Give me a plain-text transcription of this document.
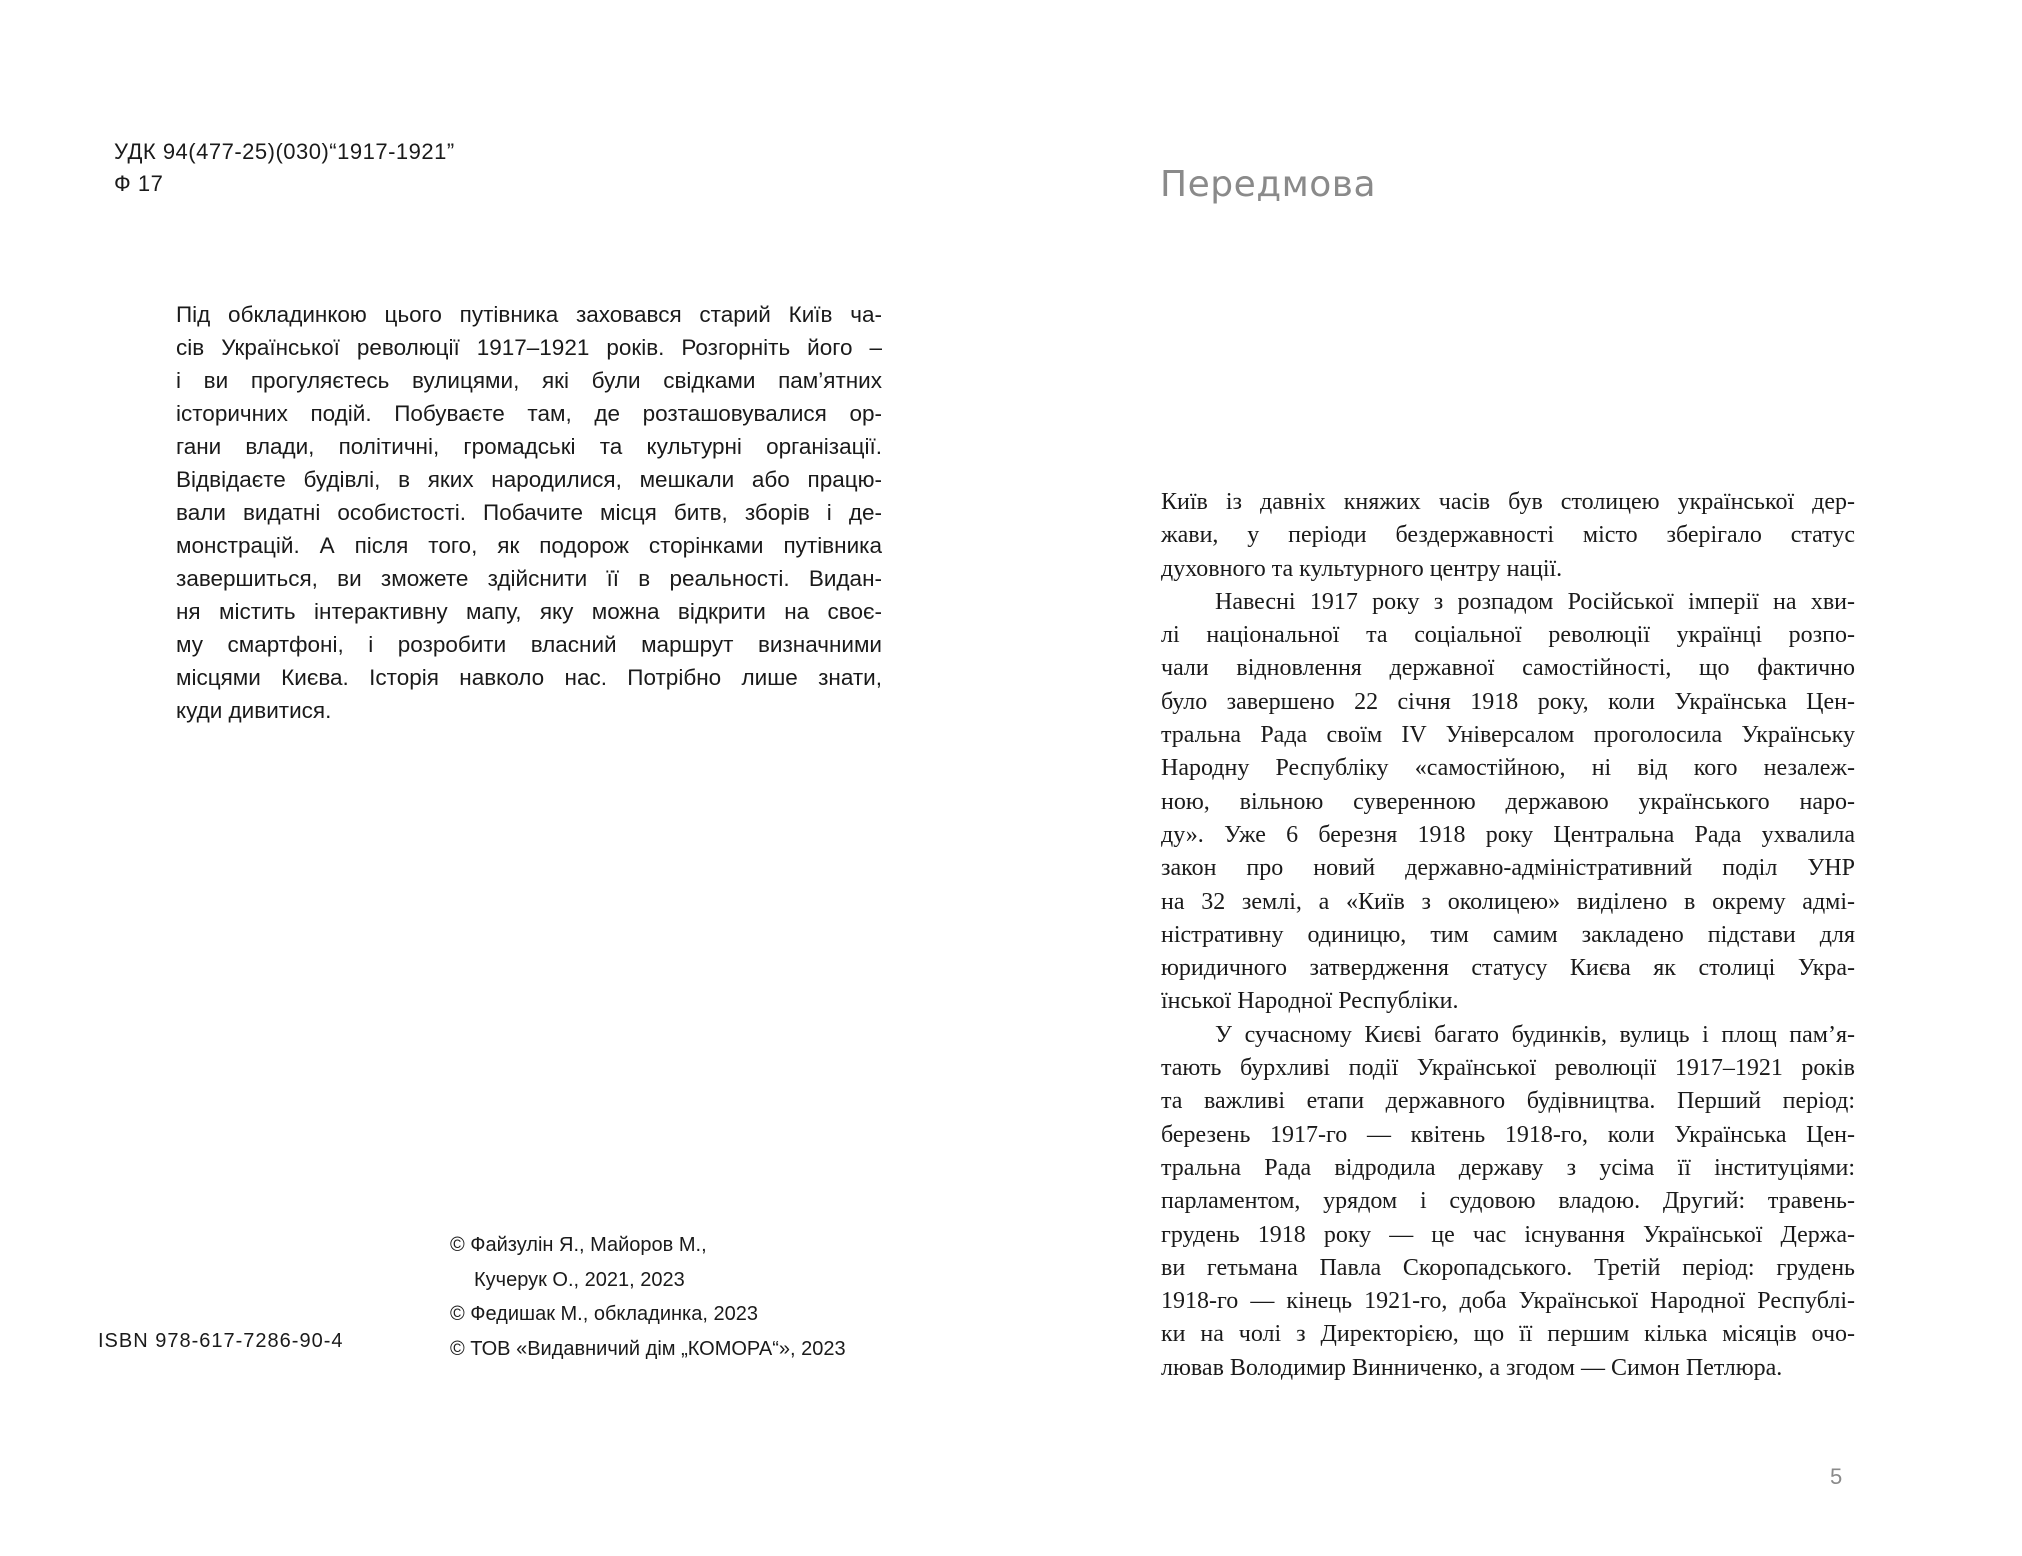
УДК 94(477-25)(030)“1917-1921”
Ф 17
Під обкладинкою цього путівника заховався старий Київ ча-
сів Української революції 1917–1921 років. Розгорніть його –
і ви прогуляєтесь вулицями, які були свідками пам’ятних
історичних подій. Побуваєте там, де розташовувалися ор-
гани влади, політичні, громадські та культурні організації.
Відвідаєте будівлі, в яких народилися, мешкали або працю-
вали видатні особистості. Побачите місця битв, зборів і де-
монстрацій. А після того, як подорож сторінками путівника
завершиться, ви зможете здійснити її в реальності. Видан-
ня містить інтерактивну мапу, яку можна відкрити на своє-
му смартфоні, і розробити власний маршрут визначними
місцями Києва. Історія навколо нас. Потрібно лише знати,
куди дивитися.
ISBN 978-617-7286-90-4
© Файзулін Я., Майоров М.,
Кучерук О., 2021, 2023
© Федишак М., обкладинка, 2023
© ТОВ «Видавничий дім „КОМОРА“», 2023
Передмова
Київ із давніх княжих часів був столицею української дер-
жави, у періоди бездержавності місто зберігало статус
духовного та культурного центру нації.
Навесні 1917 року з розпадом Російської імперії на хви-
лі національної та соціальної революції українці розпо-
чали відновлення державної самостійності, що фактично
було завершено 22 січня 1918 року, коли Українська Цен-
тральна Рада своїм IV Універсалом проголосила Українську
Народну Республіку «самостійною, ні від кого незалеж-
ною, вільною суверенною державою українського наро-
ду». Уже 6 березня 1918 року Центральна Рада ухвалила
закон про новий державно-адміністративний поділ УНР
на 32 землі, а «Київ з околицею» виділено в окрему адмі-
ністративну одиницю, тим самим закладено підстави для
юридичного затвердження статусу Києва як столиці Укра-
їнської Народної Республіки.
У сучасному Києві багато будинків, вулиць і площ пам’я-
тають бурхливі події Української революції 1917–1921 років
та важливі етапи державного будівництва. Перший період:
березень 1917-го — квітень 1918-го, коли Українська Цен-
тральна Рада відродила державу з усіма її інституціями:
парламентом, урядом і судовою владою. Другий: травень-
грудень 1918 року — це час існування Української Держа-
ви гетьмана Павла Скоропадського. Третій період: грудень
1918-го — кінець 1921-го, доба Української Народної Республі-
ки на чолі з Директорією, що її першим кілька місяців очо-
лював Володимир Винниченко, а згодом — Симон Петлюра.
5
